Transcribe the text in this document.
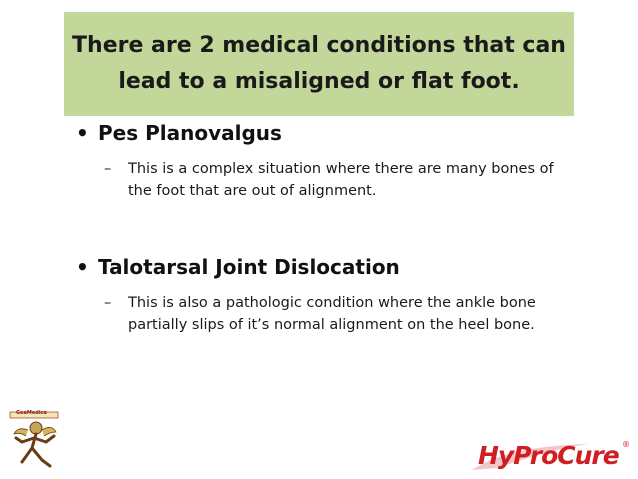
There are 2 medical conditions that can lead to a misaligned or flat foot.
• Pes Planovalgus
–	This is a complex situation where there are many bones of the foot that are out of alignment.
• Talotarsal Joint Dislocation
–	This is also a pathologic condition where the ankle bone partially slips of it’s normal alignment on the heel bone.
GeaMedica
HyProCure ®
